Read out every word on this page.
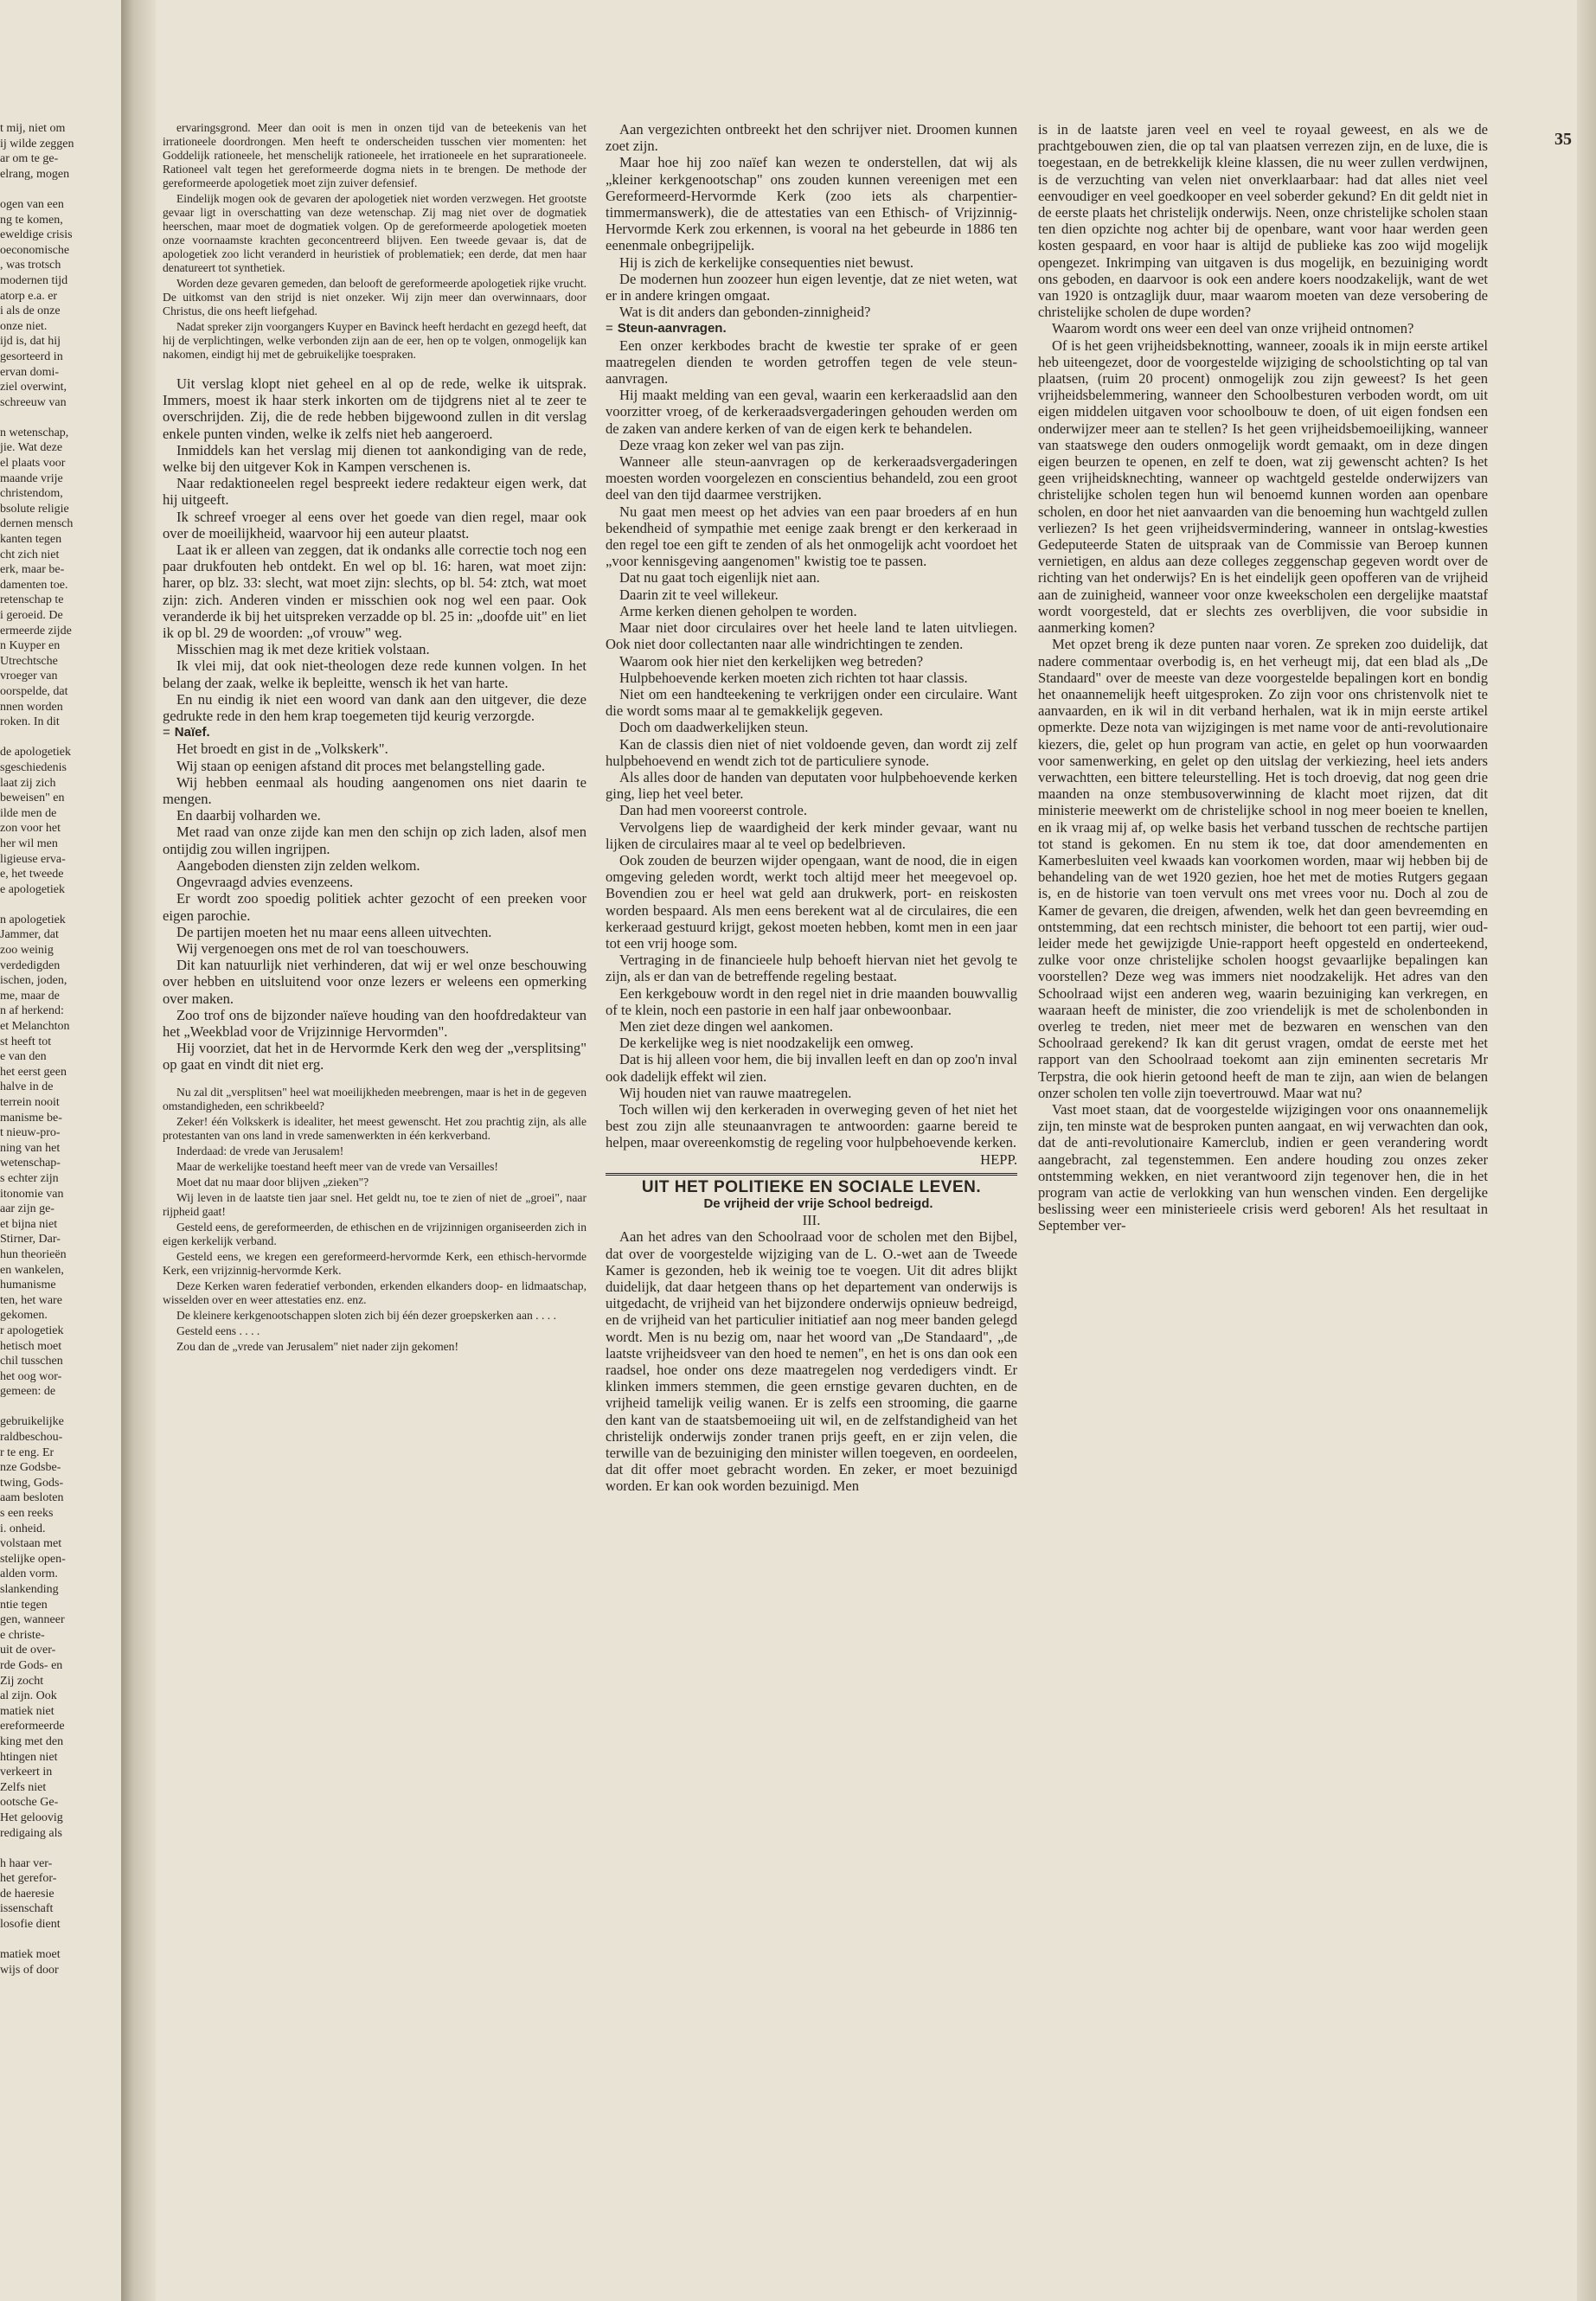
35

t mij, niet om

ij wilde zeggen

ar om te ge-

elrang, mogen

ogen van een

ng te komen,

eweldige crisis

oeconomische

, was trotsch

modernen tijd

atorp e.a. er

i als de onze

onze niet.

ijd is, dat hij

gesorteerd in

ervan domi-

ziel overwint,

schreeuw van

n wetenschap,

jie. Wat deze

el plaats voor

maande vrije

christendom,

bsolute religie

dernen mensch

kanten tegen

cht zich niet

erk, maar be-

damenten toe.

retenschap te

i geroeid. De

ermeerde zijde

n Kuyper en

Utrechtsche

vroeger van

oorspelde, dat

nnen worden

roken. In dit

de apologetiek

sgeschiedenis

laat zij zich

beweisen" en

ilde men de

zon voor het

her wil men

ligieuse erva-

e, het tweede

e apologetiek

n apologetiek

Jammer, dat

zoo weinig

verdedigden

ischen, joden,

me, maar de

n af herkend:

et Melanchton

st heeft tot

e van den

het eerst geen

halve in de

terrein nooit

manisme be-

t nieuw-pro-

ning van het

wetenschap-

s echter zijn

itonomie van

aar zijn ge-

et bijna niet

Stirner, Dar-

hun theorieën

en wankelen,

humanisme

ten, het ware

gekomen.

r apologetiek

hetisch moet

chil tusschen

het oog wor-

gemeen: de

gebruikelijke

raldbeschou-

r te eng. Er

nze Godsbe-

twing, Gods-

aam besloten

s een reeks

i. onheid.

volstaan met

stelijke open-

alden vorm.

slankending

ntie tegen

gen, wanneer

e christe-

uit de over-

rde Gods- en

Zij zocht

al zijn. Ook

matiek niet

ereformeerde

king met den

htingen niet

verkeert in

Zelfs niet

ootsche Ge-

Het geloovig

redigaing als

h haar ver-

het gerefor-

de haeresie

issenschaft

losofie dient

matiek moet

wijs of door

ervaringsgrond. Meer dan ooit is men in onzen tijd van de beteekenis van het irrationeele doordrongen. Men heeft te onderscheiden tusschen vier momenten: het Goddelijk rationeele, het menschelijk rationeele, het irrationeele en het suprarationeele. Rationeel valt tegen het gereformeerde dogma niets in te brengen. De methode der gereformeerde apologetiek moet zijn zuiver defensief.

Eindelijk mogen ook de gevaren der apologetiek niet worden verzwegen. Het grootste gevaar ligt in overschatting van deze wetenschap. Zij mag niet over de dogmatiek heerschen, maar moet de dogmatiek volgen. Op de gereformeerde apologetiek moeten onze voornaamste krachten geconcentreerd blijven. Een tweede gevaar is, dat de apologetiek zoo licht veranderd in heuristiek of problematiek; een derde, dat men haar denatureert tot synthetiek.

Worden deze gevaren gemeden, dan belooft de gereformeerde apologetiek rijke vrucht. De uitkomst van den strijd is niet onzeker. Wij zijn meer dan overwinnaars, door Christus, die ons heeft liefgehad.

Nadat spreker zijn voorgangers Kuyper en Bavinck heeft herdacht en gezegd heeft, dat hij de verplichtingen, welke verbonden zijn aan de eer, hen op te volgen, onmogelijk kan nakomen, eindigt hij met de gebruikelijke toespraken.

Uit verslag klopt niet geheel en al op de rede, welke ik uitsprak. Immers, moest ik haar sterk inkorten om de tijdgrens niet al te zeer te overschrijden. Zij, die de rede hebben bijgewoond zullen in dit verslag enkele punten vinden, welke ik zelfs niet heb aangeroerd.

Inmiddels kan het verslag mij dienen tot aankondiging van de rede, welke bij den uitgever Kok in Kampen verschenen is.

Naar redaktioneelen regel bespreekt iedere redakteur eigen werk, dat hij uitgeeft.

Ik schreef vroeger al eens over het goede van dien regel, maar ook over de moeilijkheid, waarvoor hij een auteur plaatst.

Laat ik er alleen van zeggen, dat ik ondanks alle correctie toch nog een paar drukfouten heb ontdekt. En wel op bl. 16: haren, wat moet zijn: harer, op blz. 33: slecht, wat moet zijn: slechts, op bl. 54: ztch, wat moet zijn: zich. Anderen vinden er misschien ook nog wel een paar. Ook veranderde ik bij het uitspreken verzadde op bl. 25 in: „doofde uit" en liet ik op bl. 29 de woorden: „of vrouw" weg.

Misschien mag ik met deze kritiek volstaan.

Ik vlei mij, dat ook niet-theologen deze rede kunnen volgen. In het belang der zaak, welke ik bepleitte, wensch ik het van harte.

En nu eindig ik niet een woord van dank aan den uitgever, die deze gedrukte rede in den hem krap toegemeten tijd keurig verzorgde.

= Naïef.

Het broedt en gist in de „Volkskerk".

Wij staan op eenigen afstand dit proces met belangstelling gade.

Wij hebben eenmaal als houding aangenomen ons niet daarin te mengen.

En daarbij volharden we.

Met raad van onze zijde kan men den schijn op zich laden, alsof men ontijdig zou willen ingrijpen.

Aangeboden diensten zijn zelden welkom.

Ongevraagd advies evenzeens.

Er wordt zoo spoedig politiek achter gezocht of een preeken voor eigen parochie.

De partijen moeten het nu maar eens alleen uitvechten.

Wij vergenoegen ons met de rol van toeschouwers.

Dit kan natuurlijk niet verhinderen, dat wij er wel onze beschouwing over hebben en uitsluitend voor onze lezers er weleens een opmerking over maken.

Zoo trof ons de bijzonder naïeve houding van den hoofdredakteur van het „Weekblad voor de Vrijzinnige Hervormden".

Hij voorziet, dat het in de Hervormde Kerk den weg der „versplitsing" op gaat en vindt dit niet erg.

Nu zal dit „versplitsen" heel wat moeilijkheden meebrengen, maar is het in de gegeven omstandigheden, een schrikbeeld?

Zeker! één Volkskerk is idealiter, het meest gewenscht. Het zou prachtig zijn, als alle protestanten van ons land in vrede samenwerkten in één kerkverband.

Inderdaad: de vrede van Jerusalem!

Maar de werkelijke toestand heeft meer van de vrede van Versailles!

Moet dat nu maar door blijven „zieken"?

Wij leven in de laatste tien jaar snel. Het geldt nu, toe te zien of niet de „groei", naar rijpheid gaat!

Gesteld eens, de gereformeerden, de ethischen en de vrijzinnigen organiseerden zich in eigen kerkelijk verband.

Gesteld eens, we kregen een gereformeerd-hervormde Kerk, een ethisch-hervormde Kerk, een vrijzinnig-hervormde Kerk.

Deze Kerken waren federatief verbonden, erkenden elkanders doop- en lidmaatschap, wisselden over en weer attestaties enz. enz.

De kleinere kerkgenootschappen sloten zich bij één dezer groepskerken aan . . . .

Gesteld eens . . . .

Zou dan de „vrede van Jerusalem" niet nader zijn gekomen!

Aan vergezichten ontbreekt het den schrijver niet. Droomen kunnen zoet zijn.

Maar hoe hij zoo naïef kan wezen te onderstellen, dat wij als „kleiner kerkgenootschap" ons zouden kunnen vereenigen met een Gereformeerd-Hervormde Kerk (zoo iets als charpentier-timmermanswerk), die de attestaties van een Ethisch- of Vrijzinnig-Hervormde Kerk zou erkennen, is vooral na het gebeurde in 1886 ten eenenmale onbegrijpelijk.

Hij is zich de kerkelijke consequenties niet bewust.

De modernen hun zoozeer hun eigen leventje, dat ze niet weten, wat er in andere kringen omgaat.

Wat is dit anders dan gebonden-zinnigheid?

= Steun-aanvragen.

Een onzer kerkbodes bracht de kwestie ter sprake of er geen maatregelen dienden te worden getroffen tegen de vele steun-aanvragen.

Hij maakt melding van een geval, waarin een kerkeraadslid aan den voorzitter vroeg, of de kerkeraadsvergaderingen gehouden werden om de zaken van andere kerken of van de eigen kerk te behandelen.

Deze vraag kon zeker wel van pas zijn.

Wanneer alle steun-aanvragen op de kerkeraadsvergaderingen moesten worden voorgelezen en conscientius behandeld, zou een groot deel van den tijd daarmee verstrijken.

Nu gaat men meest op het advies van een paar broeders af en hun bekendheid of sympathie met eenige zaak brengt er den kerkeraad in den regel toe een gift te zenden of als het onmogelijk acht voordoet het „voor kennisgeving aangenomen" kwistig toe te passen.

Dat nu gaat toch eigenlijk niet aan.

Daarin zit te veel willekeur.

Arme kerken dienen geholpen te worden.

Maar niet door circulaires over het heele land te laten uitvliegen. Ook niet door collectanten naar alle windrichtingen te zenden.

Waarom ook hier niet den kerkelijken weg betreden?

Hulpbehoevende kerken moeten zich richten tot haar classis.

Niet om een handteekening te verkrijgen onder een circulaire. Want die wordt soms maar al te gemakkelijk gegeven.

Doch om daadwerkelijken steun.

Kan de classis dien niet of niet voldoende geven, dan wordt zij zelf hulpbehoevend en wendt zich tot de particuliere synode.

Als alles door de handen van deputaten voor hulpbehoevende kerken ging, liep het veel beter.

Dan had men vooreerst controle.

Vervolgens liep de waardigheid der kerk minder gevaar, want nu lijken de circulaires maar al te veel op bedelbrieven.

Ook zouden de beurzen wijder opengaan, want de nood, die in eigen omgeving geleden wordt, werkt toch altijd meer het meegevoel op. Bovendien zou er heel wat geld aan drukwerk, port- en reiskosten worden bespaard. Als men eens berekent wat al de circulaires, die een kerkeraad gestuurd krijgt, gekost moeten hebben, komt men in een jaar tot een vrij hooge som.

Vertraging in de financieele hulp behoeft hiervan niet het gevolg te zijn, als er dan van de betreffende regeling bestaat.

Een kerkgebouw wordt in den regel niet in drie maanden bouwvallig of te klein, noch een pastorie in een half jaar onbewoonbaar.

Men ziet deze dingen wel aankomen.

De kerkelijke weg is niet noodzakelijk een omweg.

Dat is hij alleen voor hem, die bij invallen leeft en dan op zoo'n inval ook dadelijk effekt wil zien.

Wij houden niet van rauwe maatregelen.

Toch willen wij den kerkeraden in overweging geven of het niet het best zou zijn alle steunaanvragen te antwoorden: gaarne bereid te helpen, maar overeenkomstig de regeling voor hulpbehoevende kerken.

HEPP.

UIT HET POLITIEKE EN SOCIALE LEVEN.

De vrijheid der vrije School bedreigd.

III.

Aan het adres van den Schoolraad voor de scholen met den Bijbel, dat over de voorgestelde wijziging van de L. O.-wet aan de Tweede Kamer is gezonden, heb ik weinig toe te voegen. Uit dit adres blijkt duidelijk, dat daar hetgeen thans op het departement van onderwijs is uitgedacht, de vrijheid van het bijzondere onderwijs opnieuw bedreigd, en de vrijheid van het particulier initiatief aan nog meer banden gelegd wordt. Men is nu bezig om, naar het woord van „De Standaard", „de laatste vrijheidsveer van den hoed te nemen", en het is ons dan ook een raadsel, hoe onder ons deze maatregelen nog verdedigers vindt. Er klinken immers stemmen, die geen ernstige gevaren duchten, en de vrijheid tamelijk veilig wanen. Er is zelfs een strooming, die gaarne den kant van de staatsbemoeiing uit wil, en de zelfstandigheid van het christelijk onderwijs zonder tranen prijs geeft, en er zijn velen, die terwille van de bezuiniging den minister willen toegeven, en oordeelen, dat dit offer moet gebracht worden. En zeker, er moet bezuinigd worden. Er kan ook worden bezuinigd. Men

is in de laatste jaren veel en veel te royaal geweest, en als we de prachtgebouwen zien, die op tal van plaatsen verrezen zijn, en de luxe, die is toegestaan, en de betrekkelijk kleine klassen, die nu weer zullen verdwijnen, is de verzuchting van velen niet onverklaarbaar: had dat alles niet veel eenvoudiger en veel goedkooper en veel soberder gekund? En dit geldt niet in de eerste plaats het christelijk onderwijs. Neen, onze christelijke scholen staan ten dien opzichte nog achter bij de openbare, want voor haar werden geen kosten gespaard, en voor haar is altijd de publieke kas zoo wijd mogelijk opengezet. Inkrimping van uitgaven is dus mogelijk, en bezuiniging wordt ons geboden, en daarvoor is ook een andere koers noodzakelijk, want de wet van 1920 is ontzaglijk duur, maar waarom moeten van deze versobering de christelijke scholen de dupe worden?

Waarom wordt ons weer een deel van onze vrijheid ontnomen?

Of is het geen vrijheidsbeknotting, wanneer, zooals ik in mijn eerste artikel heb uiteengezet, door de voorgestelde wijziging de schoolstichting op tal van plaatsen, (ruim 20 procent) onmogelijk zou zijn geweest? Is het geen vrijheidsbelemmering, wanneer den Schoolbesturen verboden wordt, om uit eigen middelen uitgaven voor schoolbouw te doen, of uit eigen fondsen een onderwijzer meer aan te stellen? Is het geen vrijheidsbemoeilijking, wanneer van staatswege den ouders onmogelijk wordt gemaakt, om in deze dingen eigen beurzen te openen, en zelf te doen, wat zij gewenscht achten? Is het geen vrijheidsknechting, wanneer op wachtgeld gestelde onderwijzers van christelijke scholen tegen hun wil benoemd kunnen worden aan openbare scholen, en door het niet aanvaarden van die benoeming hun wachtgeld zullen verliezen? Is het geen vrijheidsvermindering, wanneer in ontslag-kwesties Gedeputeerde Staten de uitspraak van de Commissie van Beroep kunnen vernietigen, en aldus aan deze colleges zeggenschap gegeven wordt over de richting van het onderwijs? En is het eindelijk geen opofferen van de vrijheid aan de zuinigheid, wanneer voor onze kweekscholen een dergelijke maatstaf wordt voorgesteld, dat er slechts zes overblijven, die voor subsidie in aanmerking komen?

Met opzet breng ik deze punten naar voren. Ze spreken zoo duidelijk, dat nadere commentaar overbodig is, en het verheugt mij, dat een blad als „De Standaard" over de meeste van deze voorgestelde bepalingen kort en bondig het onaannemelijk heeft uitgesproken. Zo zijn voor ons christenvolk niet te aanvaarden, en ik wil in dit verband herhalen, wat ik in mijn eerste artikel opmerkte. Deze nota van wijzigingen is met name voor de anti-revolutionaire kiezers, die, gelet op hun program van actie, en gelet op hun voorwaarden voor samenwerking, en gelet op den uitslag der verkiezing, heel iets anders verwachtten, een bittere teleurstelling. Het is toch droevig, dat nog geen drie maanden na onze stembusoverwinning de klacht moet rijzen, dat dit ministerie meewerkt om de christelijke school in nog meer boeien te knellen, en ik vraag mij af, op welke basis het verband tusschen de rechtsche partijen tot stand is gekomen. En nu stem ik toe, dat door amendementen en Kamerbesluiten veel kwaads kan voorkomen worden, maar wij hebben bij de behandeling van de wet 1920 gezien, hoe het met de moties Rutgers gegaan is, en de historie van toen vervult ons met vrees voor nu. Doch al zou de Kamer de gevaren, die dreigen, afwenden, welk het dan geen bevreemding en ontstemming, dat een rechtsch minister, die behoort tot een partij, wier oud-leider mede het gewijzigde Unie-rapport heeft opgesteld en onderteekend, zulke voor onze christelijke scholen hoogst gevaarlijke bepalingen kan voorstellen? Deze weg was immers niet noodzakelijk. Het adres van den Schoolraad wijst een anderen weg, waarin bezuiniging kan verkregen, en waaraan heeft de minister, die zoo vriendelijk is met de scholenbonden in overleg te treden, niet meer met de bezwaren en wenschen van den Schoolraad gerekend? Ik kan dit gerust vragen, omdat de eerste met het rapport van den Schoolraad toekomt aan zijn eminenten secretaris Mr Terpstra, die ook hierin getoond heeft de man te zijn, aan wien de belangen onzer scholen ten volle zijn toevertrouwd. Maar wat nu?

Vast moet staan, dat de voorgestelde wijzigingen voor ons onaannemelijk zijn, ten minste wat de besproken punten aangaat, en wij verwachten dan ook, dat de anti-revolutionaire Kamerclub, indien er geen verandering wordt aangebracht, zal tegenstemmen. Een andere houding zou onzes zeker ontstemming wekken, en niet verantwoord zijn tegenover hen, die in het program van actie de verlokking van hun wenschen vinden. Een dergelijke beslissing weer een ministerieele crisis werd geboren! Als het resultaat in September ver-
